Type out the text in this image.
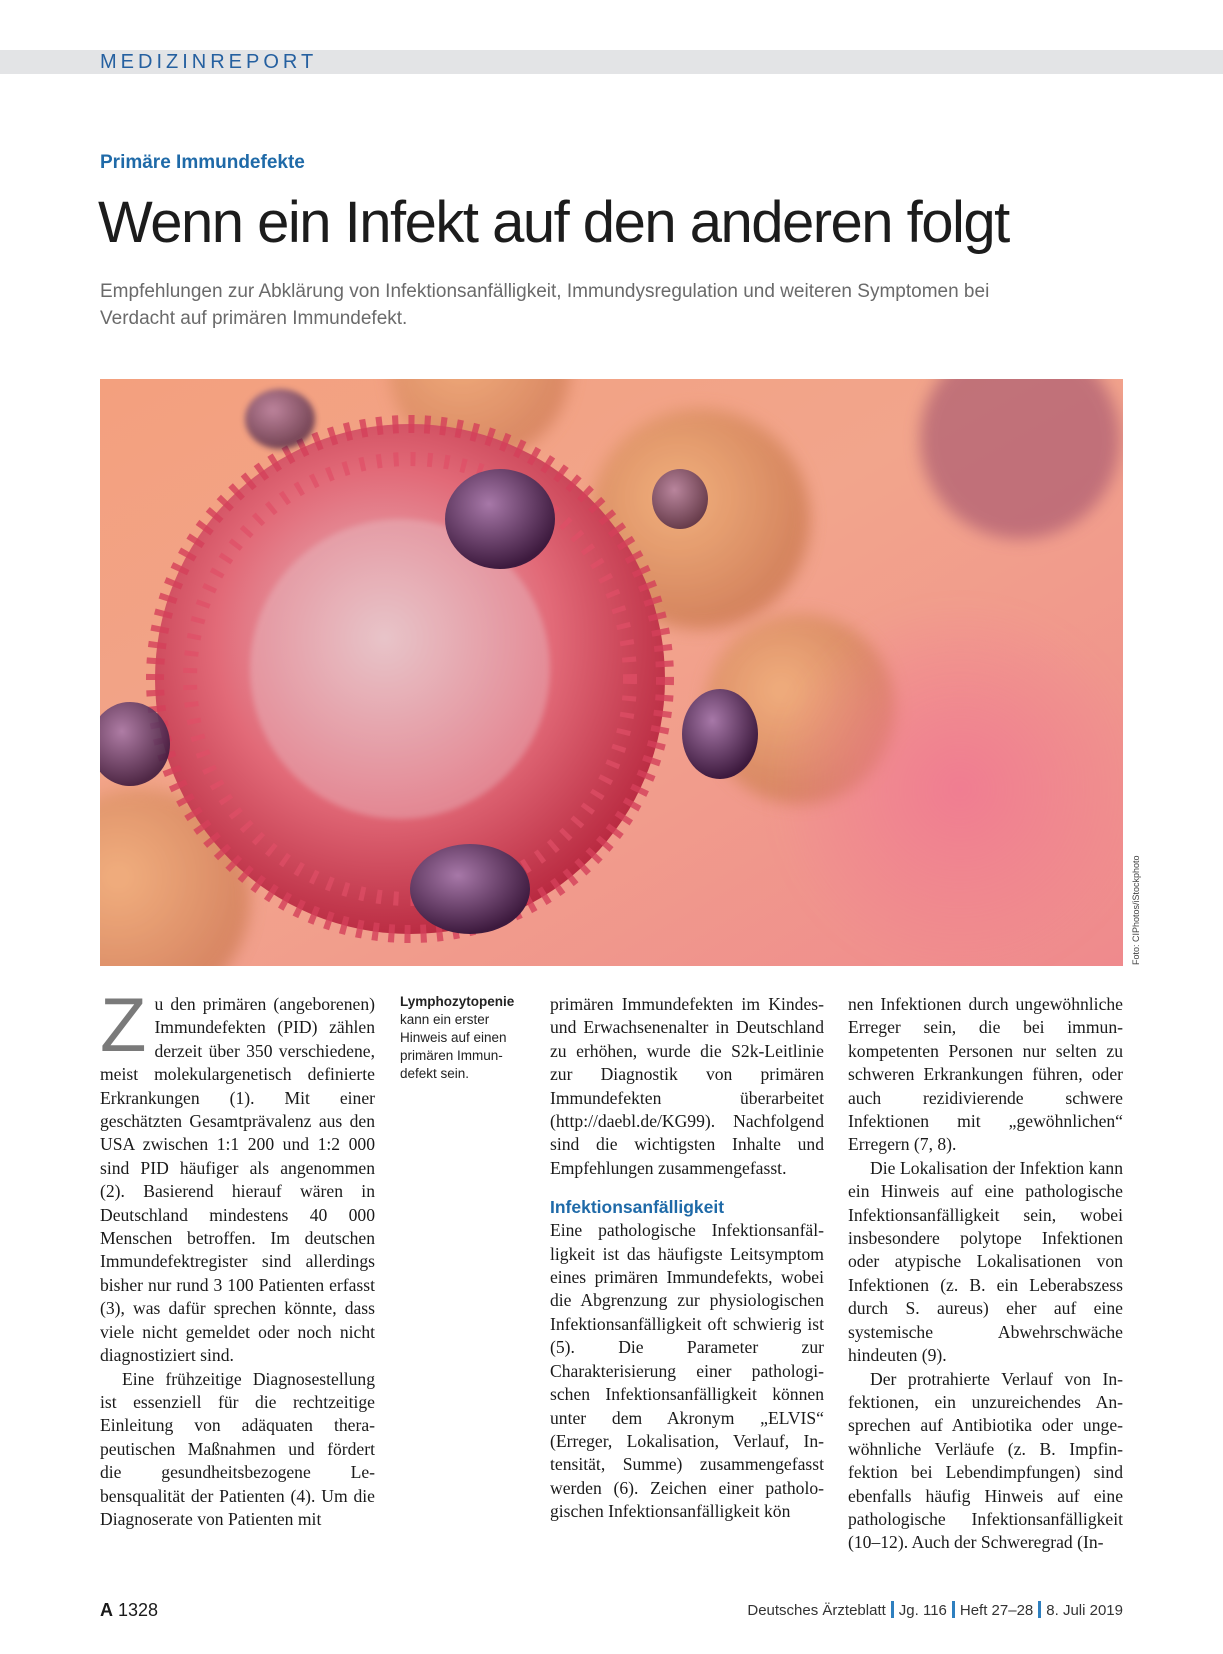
MEDIZINREPORT
Primäre Immundefekte
Wenn ein Infekt auf den anderen folgt
Empfehlungen zur Abklärung von Infektionsanfälligkeit, Immundysregulation und weiteren Symptomen bei Verdacht auf primären Immundefekt.
Foto: CIPhotos/iStockphoto

Zu den primären (angeborenen) Immundefekten (PID) zählen derzeit über 350 verschiedene, meist molekulargenetisch definierte Erkrankungen (1). Mit einer geschätzten Gesamtprävalenz aus den USA zwischen 1:1 200 und 1:2 000 sind PID häufiger als angenommen (2). Basierend hierauf wären in Deutschland mindestens 40 000 Menschen betroffen. Im deutschen Immundefektregister sind allerdings bisher nur rund 3 100 Patienten erfasst (3), was dafür sprechen könnte, dass viele nicht gemeldet oder noch nicht diagnostiziert sind.

Eine frühzeitige Diagnosestellung ist essenziell für die rechtzeitige Einleitung von adäquaten therapeutischen Maßnahmen und fördert die gesundheitsbezogene Lebensqualität der Patienten (4). Um die Diagnoserate von Patienten mit

Lymphozytopenie
kann ein erster Hinweis auf einen primären Immundefekt sein.

primären Immundefekten im Kindes- und Erwachsenenalter in Deutschland zu erhöhen, wurde die S2k-Leitlinie zur Diagnostik von primären Immundefekten überarbeitet (http://daebl.de/KG99). Nachfolgend sind die wichtigsten Inhalte und Empfehlungen zusammengefasst.

Infektionsanfälligkeit

Eine pathologische Infektionsanfälligkeit ist das häufigste Leitsymptom eines primären Immundefekts, wobei die Abgrenzung zur physiologischen Infektionsanfälligkeit oft schwierig ist (5). Die Parameter zur Charakterisierung einer pathologischen Infektionsanfälligkeit können unter dem Akronym „ELVIS“ (Erreger, Lokalisation, Verlauf, Intensität, Summe) zusammengefasst werden (6). Zeichen einer pathologischen Infektionsanfälligkeit kön

nen Infektionen durch ungewöhnliche Erreger sein, die bei immunkompetenten Personen nur selten zu schweren Erkrankungen führen, oder auch rezidivierende schwere Infektionen mit „gewöhnlichen“ Erregern (7, 8).

Die Lokalisation der Infektion kann ein Hinweis auf eine pathologische Infektionsanfälligkeit sein, wobei insbesondere polytope Infektionen oder atypische Lokalisationen von Infektionen (z. B. ein Leberabszess durch S. aureus) eher auf eine systemische Abwehrschwäche hindeuten (9).

Der protrahierte Verlauf von Infektionen, ein unzureichendes Ansprechen auf Antibiotika oder ungewöhnliche Verläufe (z. B. Impfinfektion bei Lebendimpfungen) sind ebenfalls häufig Hinweis auf eine pathologische Infektionsanfälligkeit (10–12). Auch der Schweregrad (In-

A 1328	Deutsches Ärzteblatt Jg. 116 Heft 27–28 8. Juli 2019
